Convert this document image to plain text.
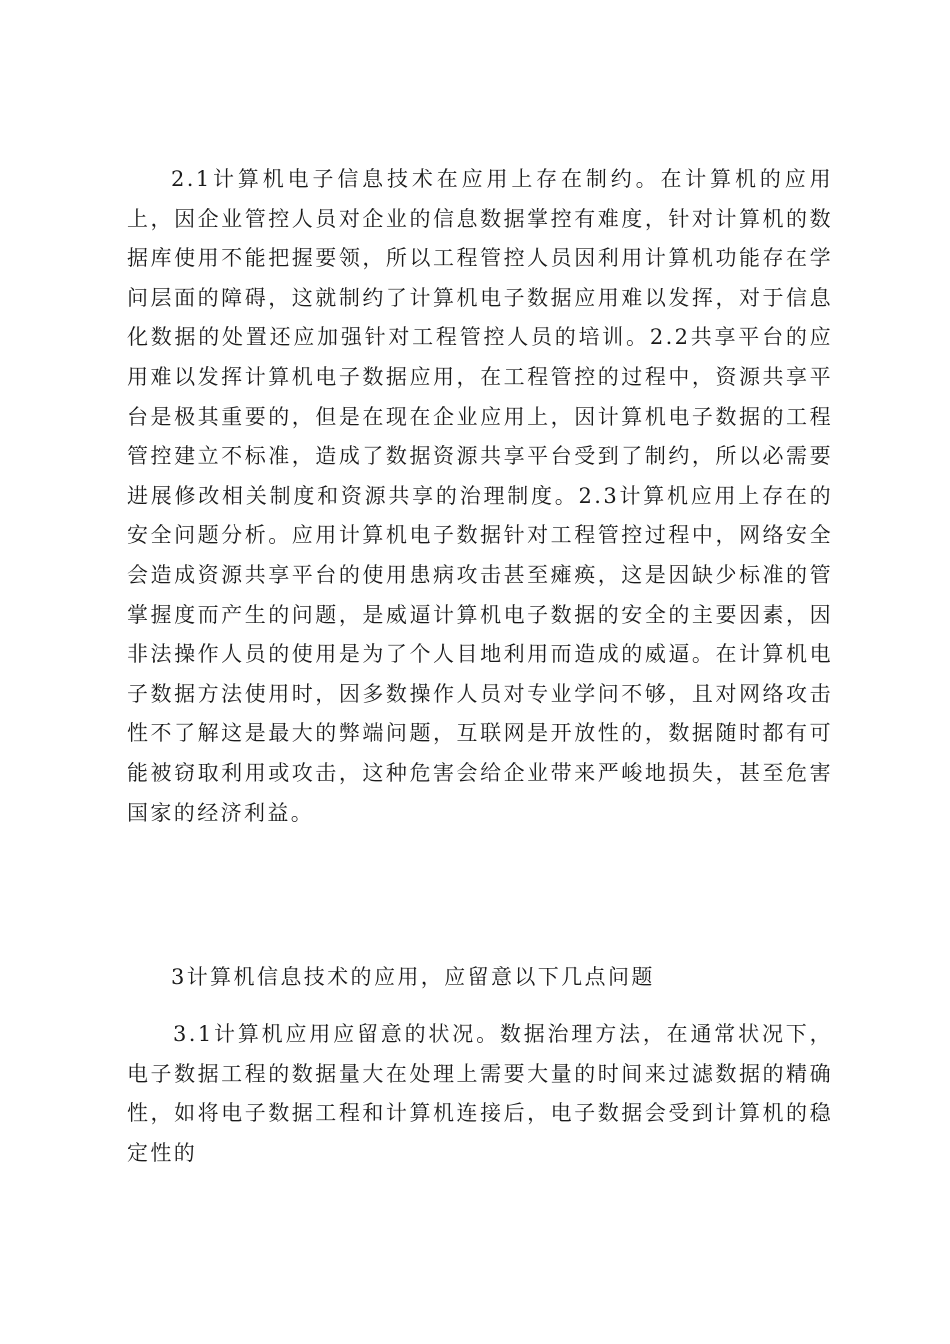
2.1计算机电子信息技术在应用上存在制约。在计算机的应用上，因企业管控人员对企业的信息数据掌控有难度，针对计算机的数据库使用不能把握要领，所以工程管控人员因利用计算机功能存在学问层面的障碍，这就制约了计算机电子数据应用难以发挥，对于信息化数据的处置还应加强针对工程管控人员的培训。2.2共享平台的应用难以发挥计算机电子数据应用，在工程管控的过程中，资源共享平台是极其重要的，但是在现在企业应用上，因计算机电子数据的工程管控建立不标准，造成了数据资源共享平台受到了制约，所以必需要进展修改相关制度和资源共享的治理制度。2.3计算机应用上存在的安全问题分析。应用计算机电子数据针对工程管控过程中，网络安全会造成资源共享平台的使用患病攻击甚至瘫痪，这是因缺少标准的管掌握度而产生的问题，是威逼计算机电子数据的安全的主要因素，因非法操作人员的使用是为了个人目地利用而造成的威逼。在计算机电子数据方法使用时，因多数操作人员对专业学问不够，且对网络攻击性不了解这是最大的弊端问题，互联网是开放性的，数据随时都有可能被窃取利用或攻击，这种危害会给企业带来严峻地损失，甚至危害国家的经济利益。

3计算机信息技术的应用，应留意以下几点问题

3.1计算机应用应留意的状况。数据治理方法，在通常状况下，电子数据工程的数据量大在处理上需要大量的时间来过滤数据的精确性，如将电子数据工程和计算机连接后，电子数据会受到计算机的稳定性的
